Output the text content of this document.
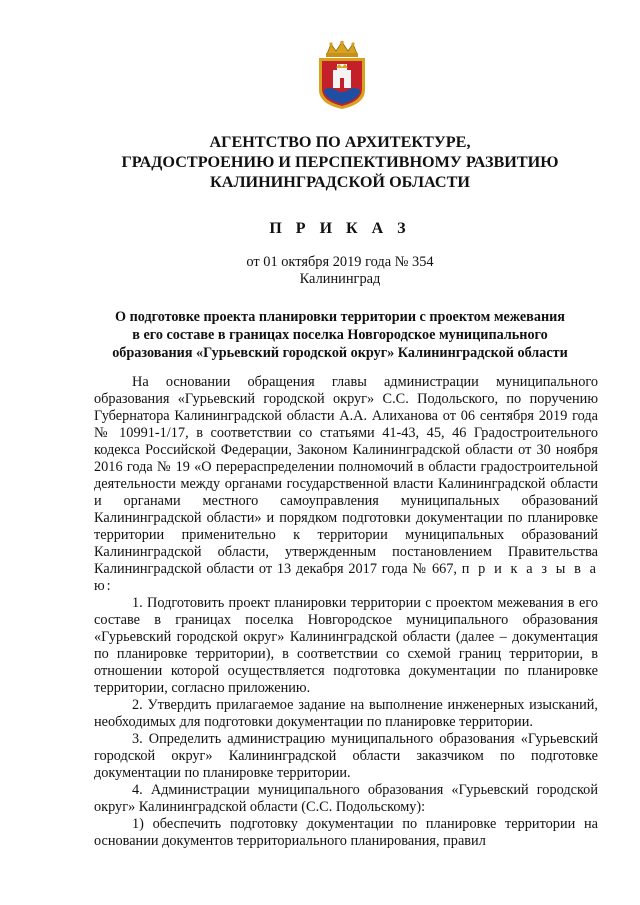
АГЕНТСТВО ПО АРХИТЕКТУРЕ,
ГРАДОСТРОЕНИЮ И ПЕРСПЕКТИВНОМУ РАЗВИТИЮ
КАЛИНИНГРАДСКОЙ ОБЛАСТИ
П Р И К А З
от 01 октября 2019 года № 354
Калининград
О подготовке проекта планировки территории с проектом межевания
в его составе в границах поселка Новгородское муниципального
образования «Гурьевский городской округ» Калининградской области

На основании обращения главы администрации муниципального образования «Гурьевский городской округ» С.С. Подольского, по поручению Губернатора Калининградской области А.А. Алиханова от 06 сентября 2019 года № 10991-1/17, в соответствии со статьями 41-43, 45, 46 Градостроительного кодекса Российской Федерации, Законом Калининградской области от 30 ноября 2016 года № 19 «О перераспределении полномочий в области градостроительной деятельности между органами государственной власти Калининградской области и органами местного самоуправления муниципальных образований Калининградской области» и порядком подготовки документации по планировке территории применительно к территории муниципальных образований Калининградской области, утвержденным постановлением Правительства Калининградской области от 13 декабря 2017 года № 667, п р и к а з ы в а ю:

1. Подготовить проект планировки территории с проектом межевания в его составе в границах поселка Новгородское муниципального образования «Гурьевский городской округ» Калининградской области (далее – документация по планировке территории), в соответствии со схемой границ территории, в отношении которой осуществляется подготовка документации по планировке территории, согласно приложению.

2. Утвердить прилагаемое задание на выполнение инженерных изысканий, необходимых для подготовки документации по планировке территории.

3. Определить администрацию муниципального образования «Гурьевский городской округ» Калининградской области заказчиком по подготовке документации по планировке территории.

4. Администрации муниципального образования «Гурьевский городской округ» Калининградской области (С.С. Подольскому):

1) обеспечить подготовку документации по планировке территории на основании документов территориального планирования, правил
